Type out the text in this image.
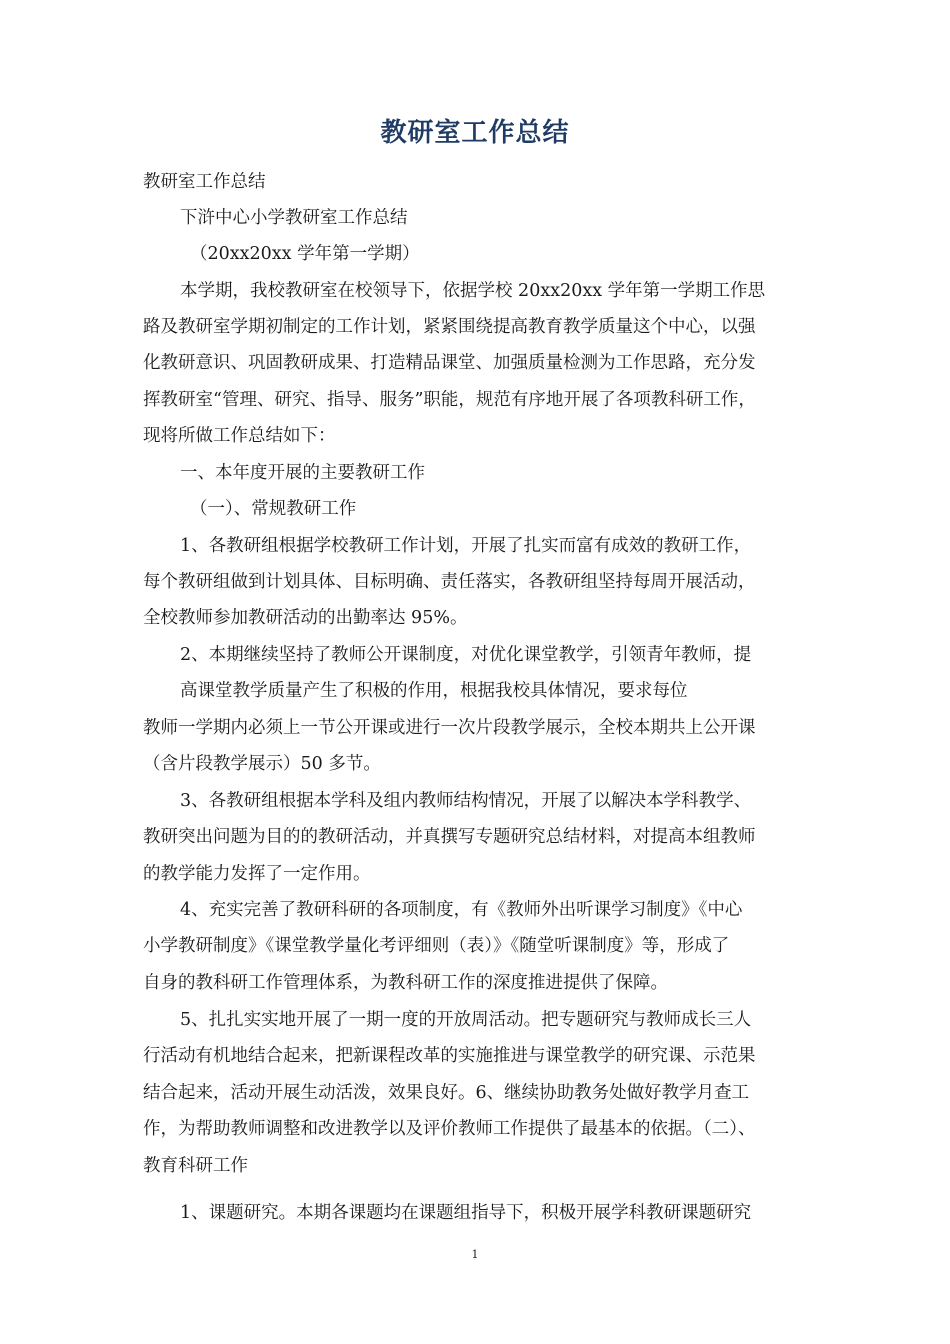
教研室工作总结
教研室工作总结
下浒中心小学教研室工作总结
（20xx20xx 学年第一学期）
本学期，我校教研室在校领导下，依据学校 20xx20xx 学年第一学期工作思
路及教研室学期初制定的工作计划，紧紧围绕提高教育教学质量这个中心，以强
化教研意识、巩固教研成果、打造精品课堂、加强质量检测为工作思路，充分发
挥教研室“管理、研究、指导、服务”职能，规范有序地开展了各项教科研工作，
现将所做工作总结如下：
一、本年度开展的主要教研工作
（一）、常规教研工作
1、各教研组根据学校教研工作计划，开展了扎实而富有成效的教研工作，
每个教研组做到计划具体、目标明确、责任落实，各教研组坚持每周开展活动，
全校教师参加教研活动的出勤率达 95%。
2、本期继续坚持了教师公开课制度，对优化课堂教学，引领青年教师，提
高课堂教学质量产生了积极的作用，根据我校具体情况，要求每位
教师一学期内必须上一节公开课或进行一次片段教学展示，全校本期共上公开课
（含片段教学展示）50 多节。
3、各教研组根据本学科及组内教师结构情况，开展了以解决本学科教学、
教研突出问题为目的的教研活动，并真撰写专题研究总结材料，对提高本组教师
的教学能力发挥了一定作用。
4、充实完善了教研科研的各项制度，有《教师外出听课学习制度》《中心
小学教研制度》《课堂教学量化考评细则（表）》《随堂听课制度》等，形成了
自身的教科研工作管理体系，为教科研工作的深度推进提供了保障。
5、扎扎实实地开展了一期一度的开放周活动。把专题研究与教师成长三人
行活动有机地结合起来，把新课程改革的实施推进与课堂教学的研究课、示范果
结合起来，活动开展生动活泼，效果良好。6、继续协助教务处做好教学月查工
作，为帮助教师调整和改进教学以及评价教师工作提供了最基本的依据。（二）、
教育科研工作
1、课题研究。本期各课题均在课题组指导下，积极开展学科教研课题研究
1
